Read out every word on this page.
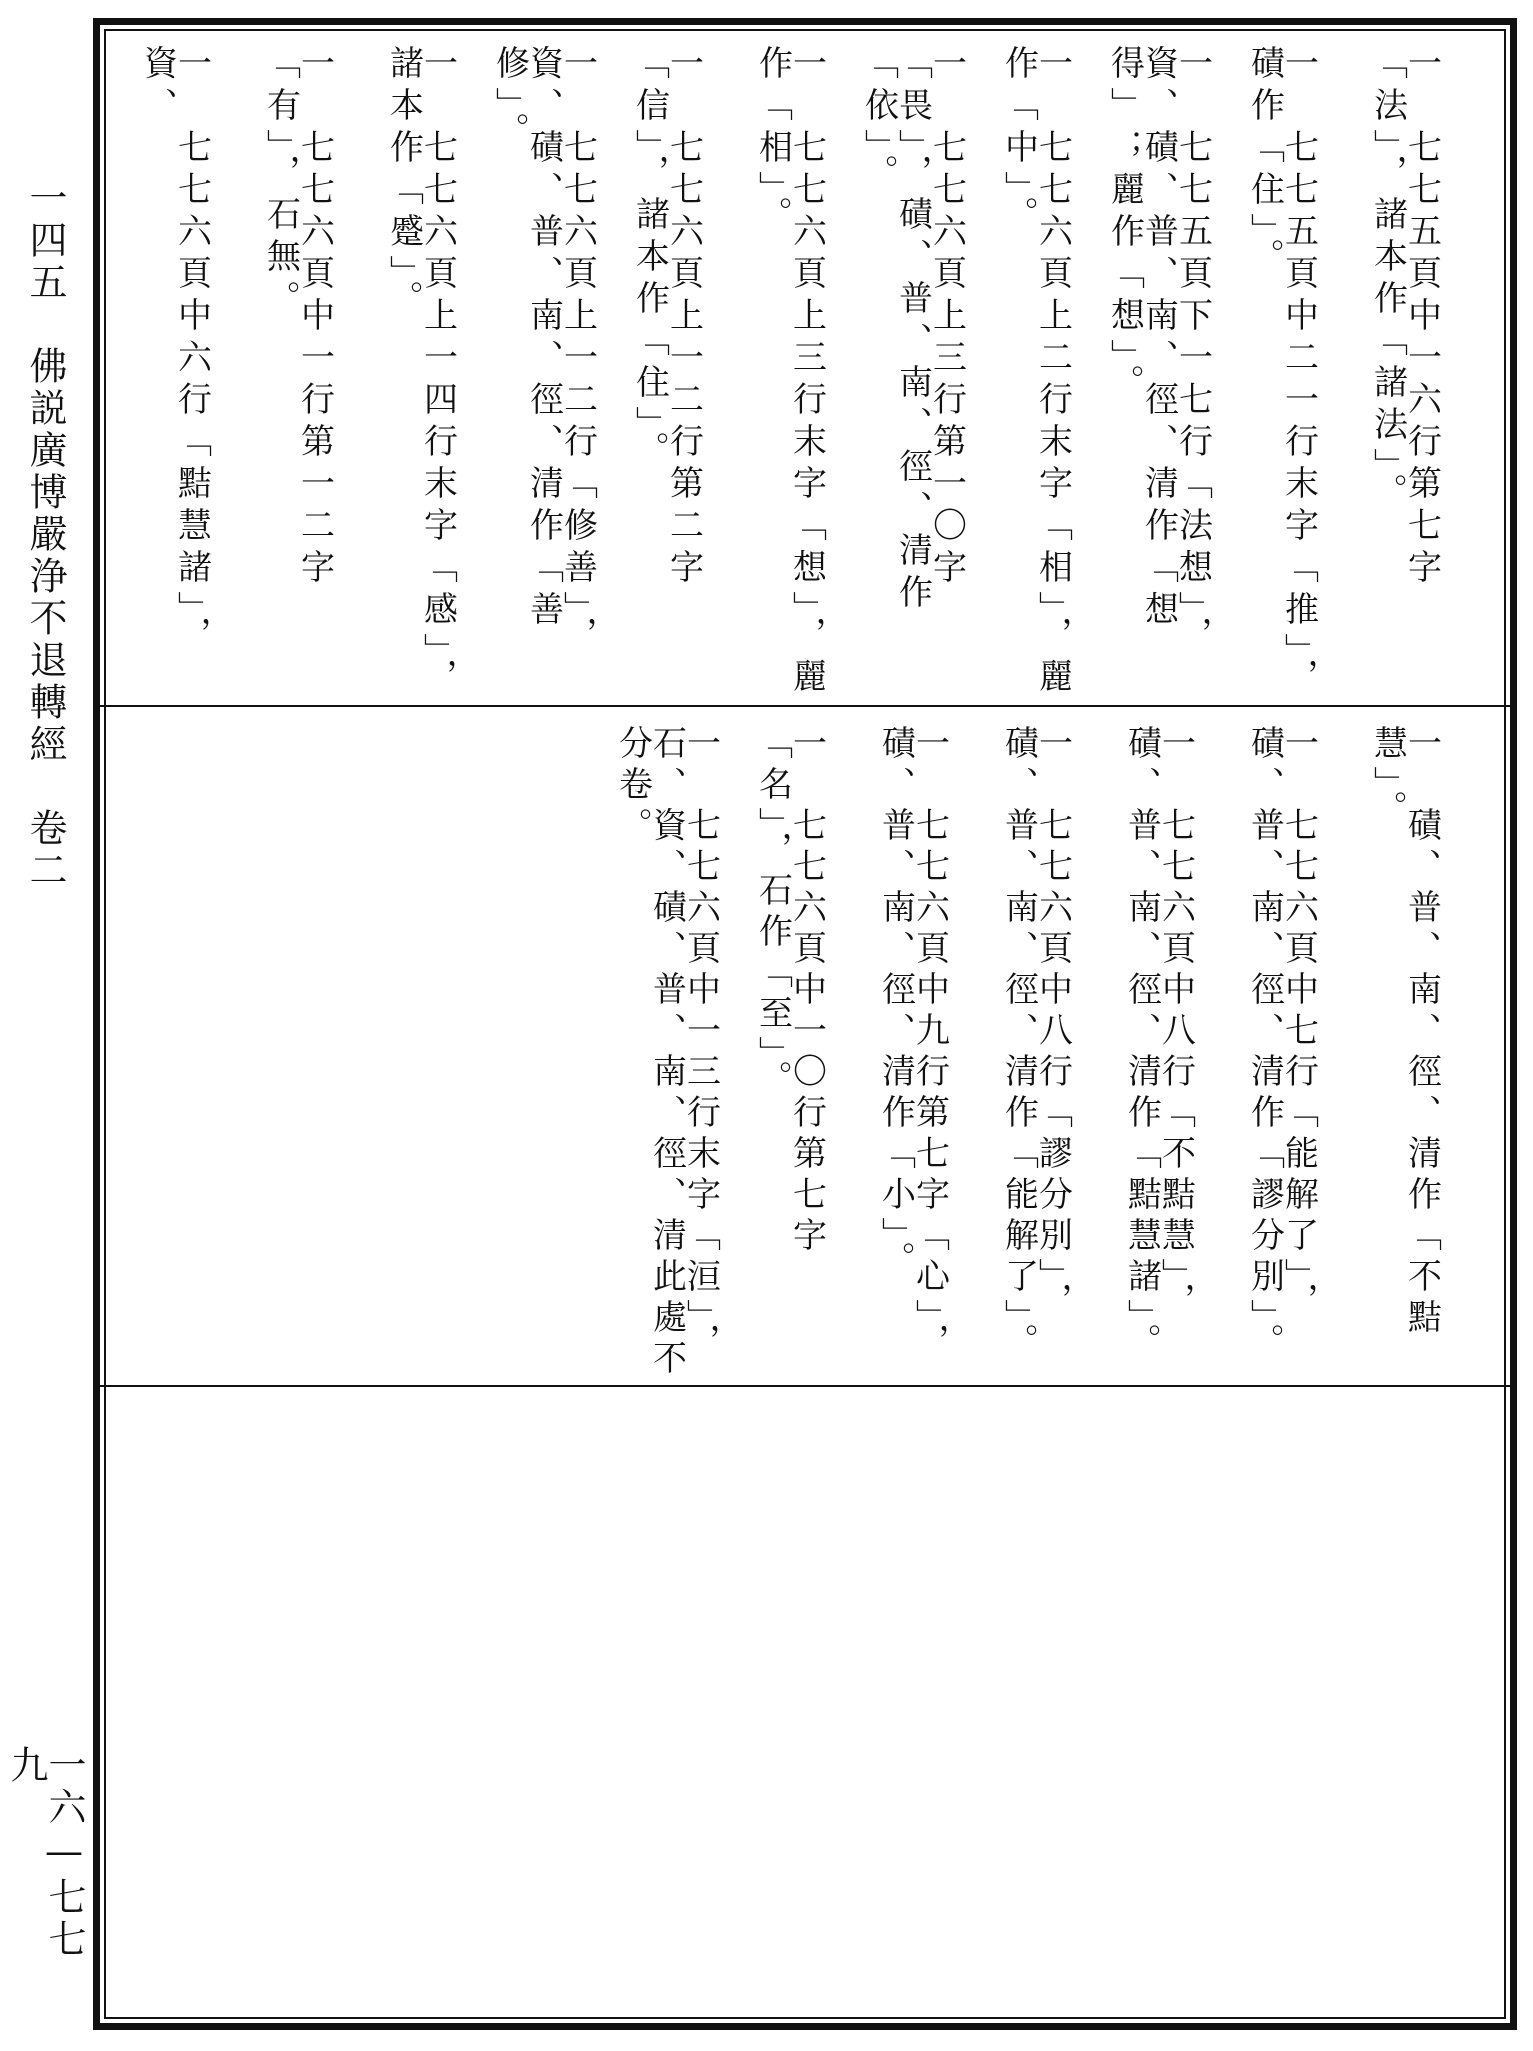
一四五　佛説廣博嚴浄不退轉經　卷二
一六—七七九
一　七七五頁中一六行第七字「法」，諸本作「諸法」。
一　七七五頁中二一行末字「推」，磧作「住」。
一　七七五頁下一七行「法想」，資、磧、普、南、徑、清作「想得」；麗作「想」。
一　七七六頁上二行末字「相」，麗作「中」。
一　七七六頁上三行第一〇字「畏」，磧、普、南、徑、清作「依」。
一　七七六頁上三行末字「想」，麗作「相」。
一　七七六頁上一二行第二字「信」，諸本作「住」。
一　七七六頁上一二行「修善」，資、磧、普、南、徑、清作「善修」。
一　七七六頁上一四行末字「感」，諸本作「蹙」。
一　七七六頁中一行第一二字「有」，石無。
一　七七六頁中六行「黠慧諸」，資、
一　磧、普、南、徑、清作「不黠慧」。
一　七七六頁中七行「能解了」，磧、普、南、徑、清作「謬分別」。
一　七七六頁中八行「不黠慧」，磧、普、南、徑、清作「黠慧諸」。
一　七七六頁中八行「謬分別」，磧、普、南、徑、清作「能解了」。
一　七七六頁中九行第七字「心」，磧、普、南、徑、清作「小」。
一　七七六頁中一〇行第七字「名」，石作「至」。
一　七七六頁中一三行末字「洹」，石、資、磧、普、南、徑、清此處不分卷。
